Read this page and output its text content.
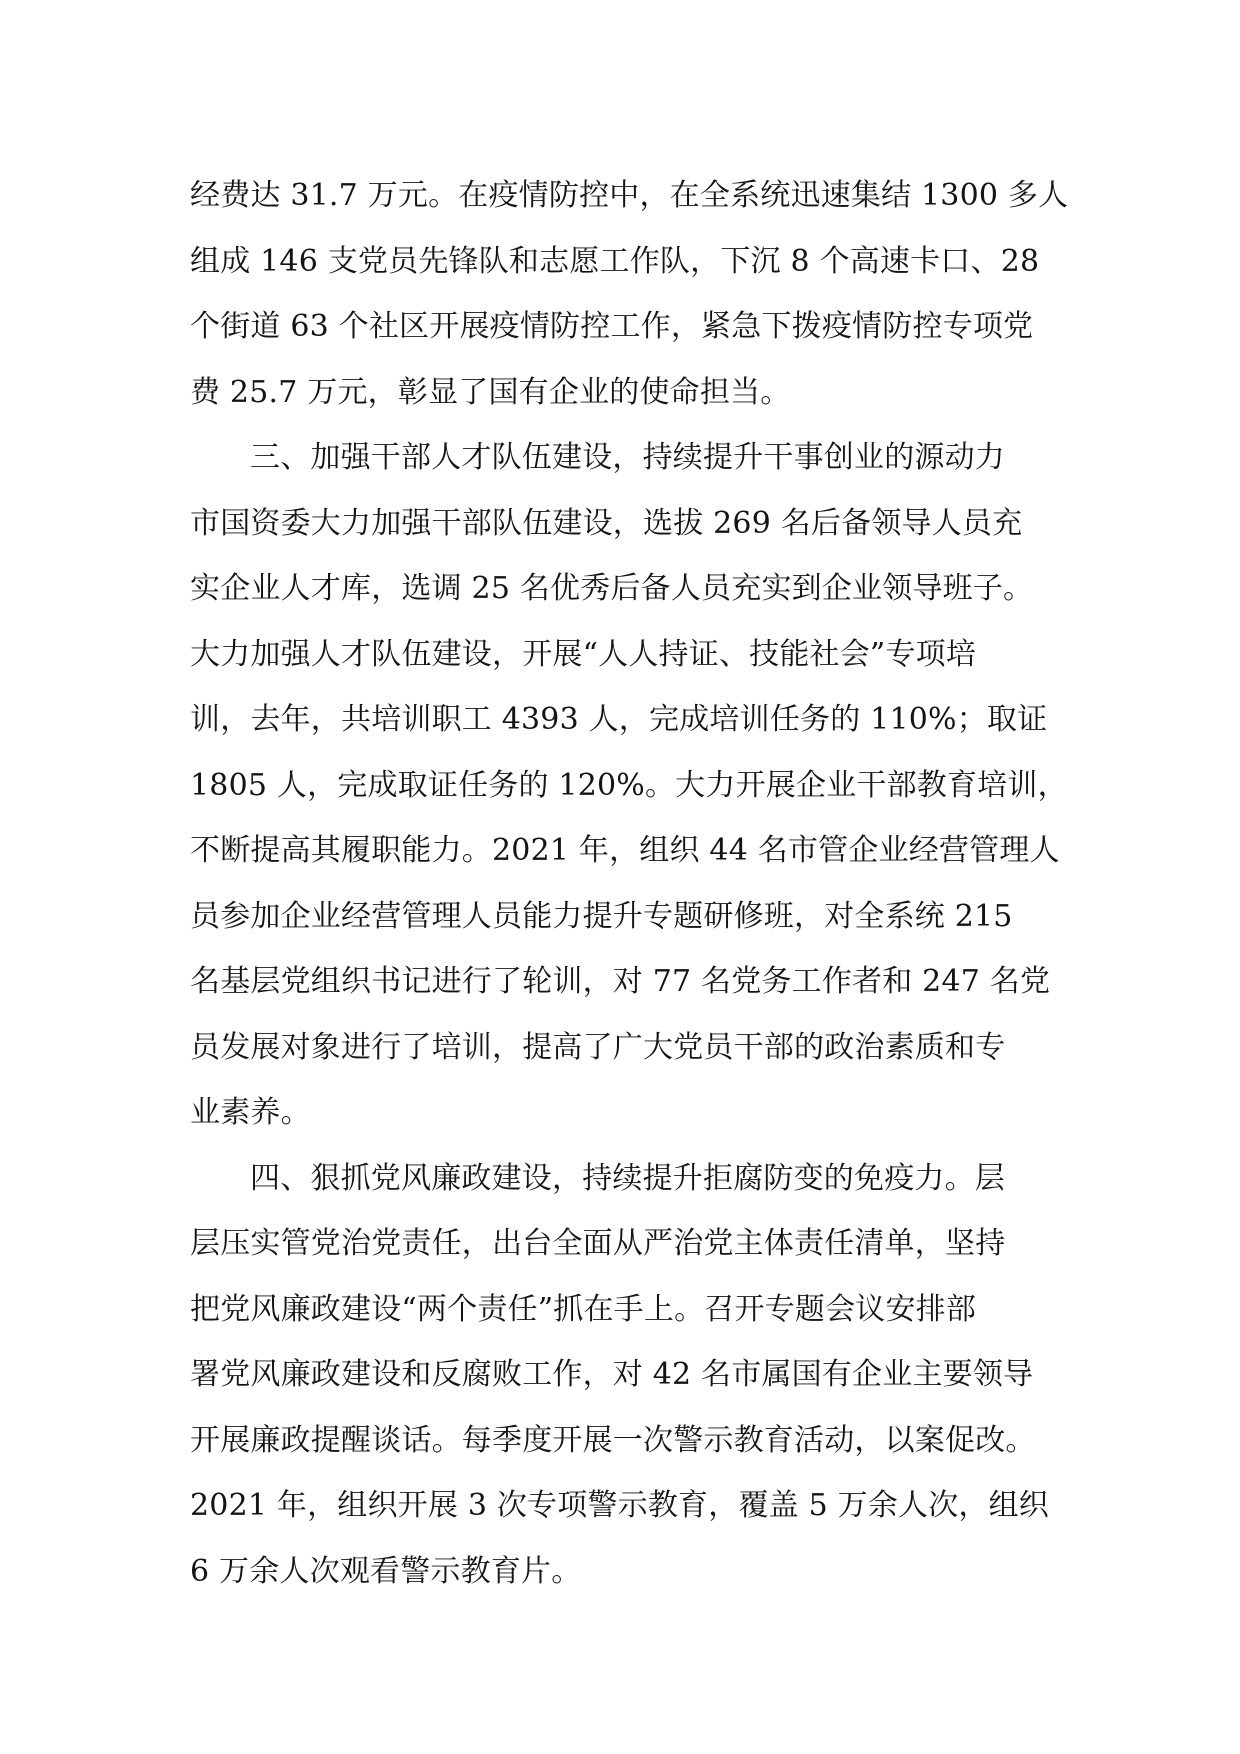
经费达 31.7 万元。在疫情防控中，在全系统迅速集结 1300 多人
组成 146 支党员先锋队和志愿工作队，下沉 8 个高速卡口、28
个街道 63 个社区开展疫情防控工作，紧急下拨疫情防控专项党
费 25.7 万元，彰显了国有企业的使命担当。
三、加强干部人才队伍建设，持续提升干事创业的源动力
市国资委大力加强干部队伍建设，选拔 269 名后备领导人员充
实企业人才库，选调 25 名优秀后备人员充实到企业领导班子。
大力加强人才队伍建设，开展“人人持证、技能社会”专项培
训，去年，共培训职工 4393 人，完成培训任务的 110%；取证
1805 人，完成取证任务的 120%。大力开展企业干部教育培训，
不断提高其履职能力。2021 年，组织 44 名市管企业经营管理人
员参加企业经营管理人员能力提升专题研修班，对全系统 215
名基层党组织书记进行了轮训，对 77 名党务工作者和 247 名党
员发展对象进行了培训，提高了广大党员干部的政治素质和专
业素养。
四、狠抓党风廉政建设，持续提升拒腐防变的免疫力。层
层压实管党治党责任，出台全面从严治党主体责任清单，坚持
把党风廉政建设“两个责任”抓在手上。召开专题会议安排部
署党风廉政建设和反腐败工作，对 42 名市属国有企业主要领导
开展廉政提醒谈话。每季度开展一次警示教育活动，以案促改。
2021 年，组织开展 3 次专项警示教育，覆盖 5 万余人次，组织
6 万余人次观看警示教育片。
